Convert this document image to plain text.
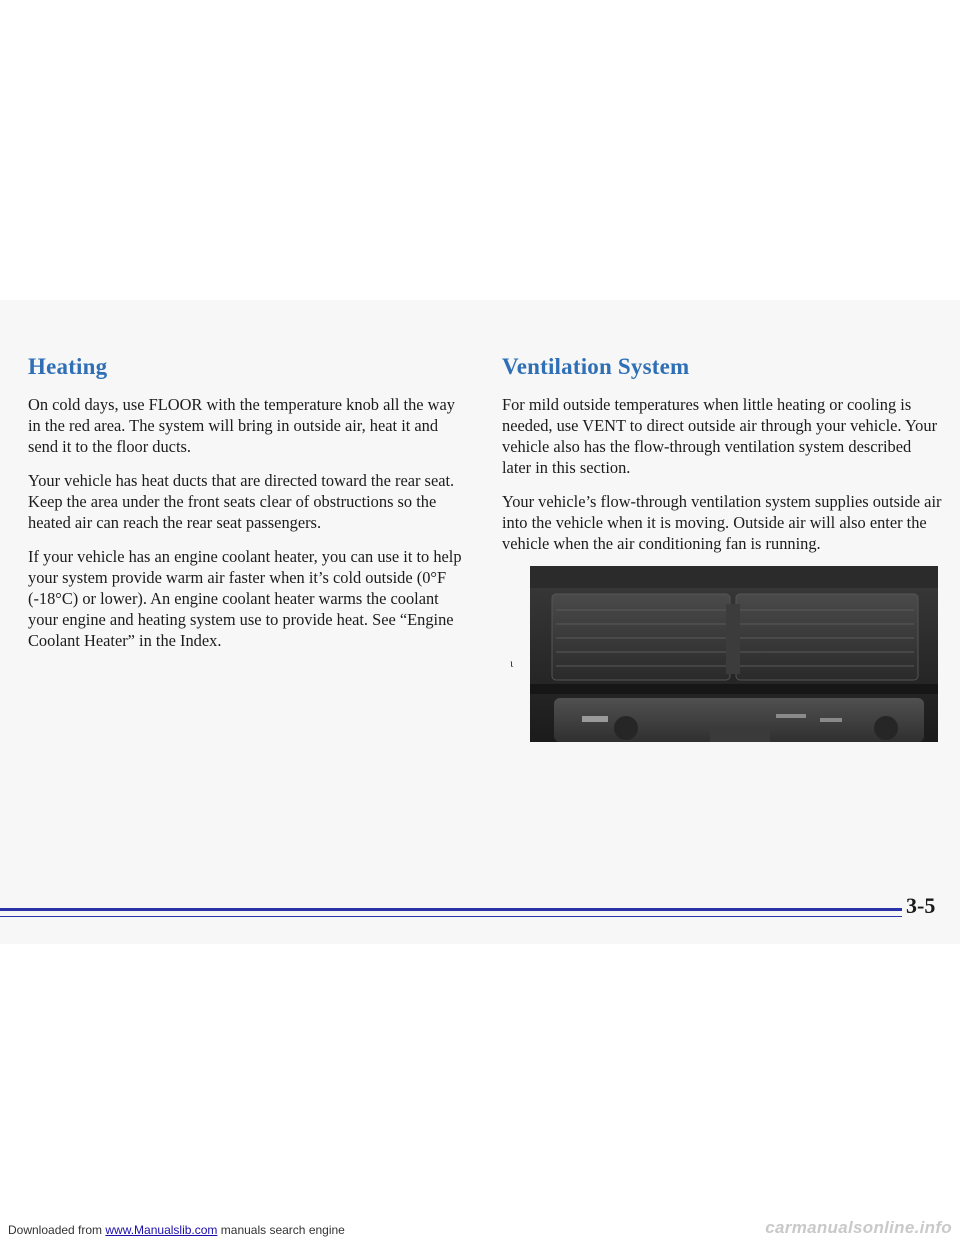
Heating

On cold days, use FLOOR with the temperature knob all the way in the red area. The system will bring in outside air, heat it and send it to the floor ducts.

Your vehicle has heat ducts that are directed toward the rear seat. Keep the area under the front seats clear of obstructions so the heated air can reach the rear seat passengers.

If your vehicle has an engine coolant heater, you can use it to help your system provide warm air faster when it’s cold outside (0°F (-18°C) or lower). An engine coolant heater warms the coolant your engine and heating system use to provide heat. See “Engine Coolant Heater” in the Index.

Ventilation System

For mild outside temperatures when little heating or cooling is needed, use VENT to direct outside air through your vehicle. Your vehicle also has the flow-through ventilation system described later in this section.

Your vehicle’s flow-through ventilation system supplies outside air into the vehicle when it is moving. Outside air will also enter the vehicle when the air conditioning fan is running.

ι
3-5
Downloaded from www.Manualslib.com manuals search engine	carmanualsonline.info
